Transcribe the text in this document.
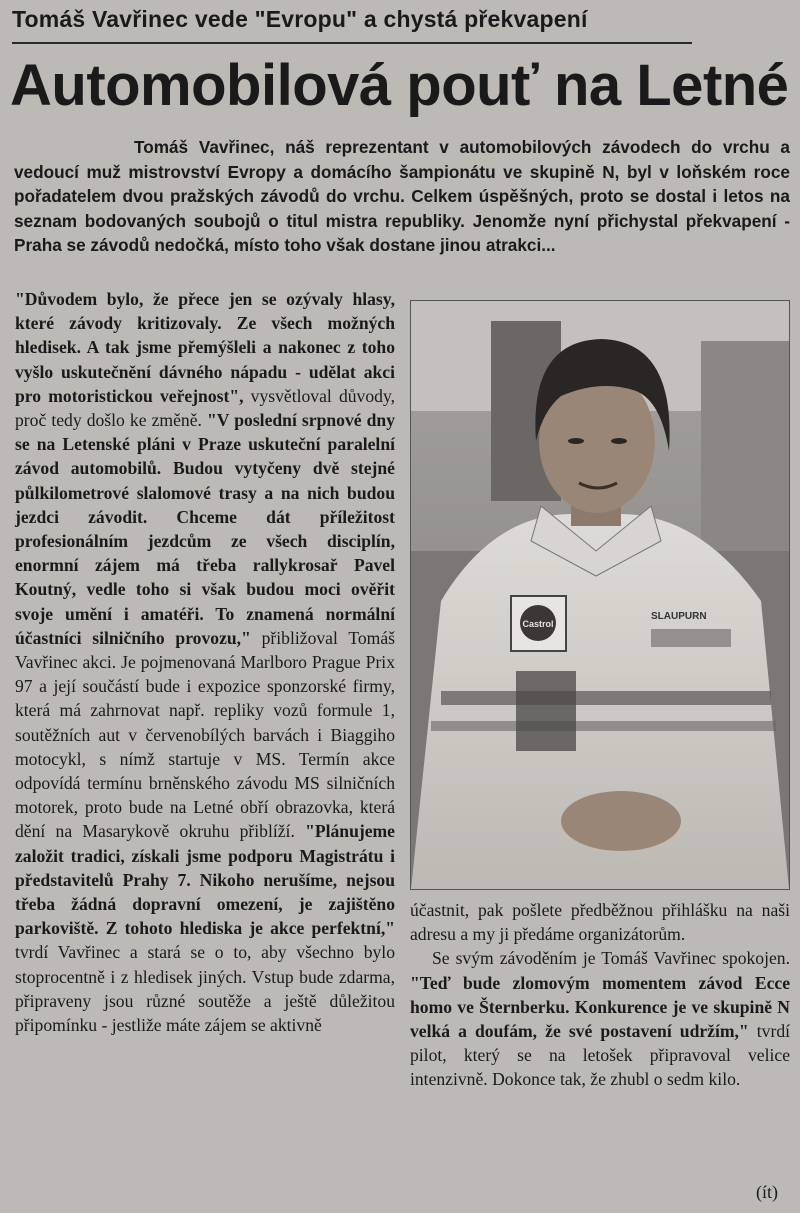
Tomáš Vavřinec vede "Evropu" a chystá překvapení
Automobilová pouť na Letné
Tomáš Vavřinec, náš reprezentant v automobilových závodech do vrchu a vedoucí muž mistrovství Evropy a domácího šampionátu ve skupině N, byl v loňském roce pořadatelem dvou pražských závodů do vrchu. Celkem úspěšných, proto se dostal i letos na seznam bodovaných soubojů o titul mistra republiky. Jenomže nyní přichystal překvapení - Praha se závodů nedočká, místo toho však dostane jinou atrakci...
"Důvodem bylo, že přece jen se ozývaly hlasy, které závody kritizovaly. Ze všech možných hledisek. A tak jsme přemýšleli a nakonec z toho vyšlo uskutečnění dávného nápadu - udělat akci pro motoristickou veřejnost", vysvětloval důvody, proč tedy došlo ke změně. "V poslední srpnové dny se na Letenské pláni v Praze uskuteční paralelní závod automobilů. Budou vytyčeny dvě stejné půlkilometrové slalomové trasy a na nich budou jezdci závodit. Chceme dát příležitost profesionálním jezdcům ze všech disciplín, enormní zájem má třeba rallykrosař Pavel Koutný, vedle toho si však budou moci ověřit svoje umění i amatéři. To znamená normální účastníci silničního provozu," přibližoval Tomáš Vavřinec akci. Je pojmenovaná Marlboro Prague Prix 97 a její součástí bude i expozice sponzorské firmy, která má zahrnovat např. repliky vozů formule 1, soutěžních aut v červenobílých barvách i Biaggiho motocykl, s nímž startuje v MS. Termín akce odpovídá termínu brněnského závodu MS silničních motorek, proto bude na Letné obří obrazovka, která dění na Masarykově okruhu přiblíží. "Plánujeme založit tradici, získali jsme podporu Magistrátu i představitelů Prahy 7. Nikoho nerušíme, nejsou třeba žádná dopravní omezení, je zajištěno parkoviště. Z tohoto hlediska je akce perfektní," tvrdí Vavřinec a stará se o to, aby všechno bylo stoprocentně i z hledisek jiných. Vstup bude zdarma, připraveny jsou různé soutěže a ještě důležitou připomínku - jestliže máte zájem se aktivně
Castrol
SLAUPURN
účastnit, pak pošlete předběžnou přihlášku na naši adresu a my ji předáme organizátorům.
Se svým závoděním je Tomáš Vavřinec spokojen. "Teď bude zlomovým momentem závod Ecce homo ve Šternberku. Konkurence je ve skupině N velká a doufám, že své postavení udržím," tvrdí pilot, který se na letošek připravoval velice intenzivně. Dokonce tak, že zhubl o sedm kilo.
(ít)
